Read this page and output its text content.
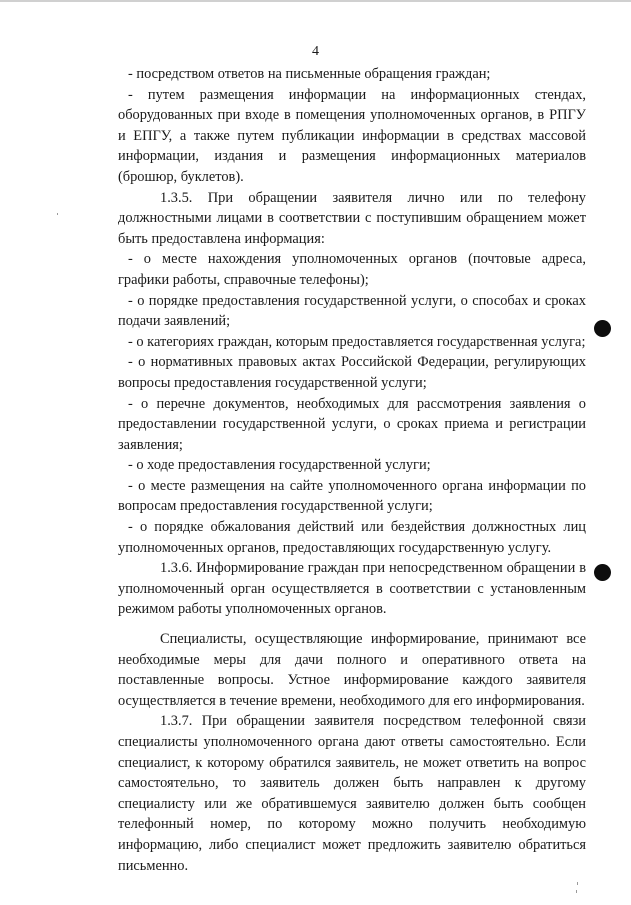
4

- посредством ответов на письменные обращения граждан;

- путем размещения информации на информационных стендах, оборудованных при входе в помещения уполномоченных органов, в РПГУ и ЕПГУ, а также путем публикации информации в средствах массовой информации, издания и размещения информационных материалов (брошюр, буклетов).

1.3.5. При обращении заявителя лично или по телефону должностными лицами в соответствии с поступившим обращением может быть предоставлена информация:

- о месте нахождения уполномоченных органов (почтовые адреса, графики работы, справочные телефоны);

- о порядке предоставления государственной услуги, о способах и сроках подачи заявлений;

- о категориях граждан, которым предоставляется государственная услуга;

- о нормативных правовых актах Российской Федерации, регулирующих вопросы предоставления государственной услуги;

- о перечне документов, необходимых для рассмотрения заявления о предоставлении государственной услуги, о сроках приема и регистрации заявления;

- о ходе предоставления государственной услуги;

- о месте размещения на сайте уполномоченного органа информации по вопросам предоставления государственной услуги;

- о порядке обжалования действий или бездействия должностных лиц уполномоченных органов, предоставляющих государственную услугу.

1.3.6. Информирование граждан при непосредственном обращении в уполномоченный орган осуществляется в соответствии с установленным режимом работы уполномоченных органов.

Специалисты, осуществляющие информирование, принимают все необходимые меры для дачи полного и оперативного ответа на поставленные вопросы. Устное информирование каждого заявителя осуществляется в течение времени, необходимого для его информирования.

1.3.7. При обращении заявителя посредством телефонной связи специалисты уполномоченного органа дают ответы самостоятельно. Если специалист, к которому обратился заявитель, не может ответить на вопрос самостоятельно, то заявитель должен быть направлен к другому специалисту или же обратившемуся заявителю должен быть сообщен телефонный номер, по которому можно получить необходимую информацию, либо специалист может предложить заявителю обратиться письменно.
